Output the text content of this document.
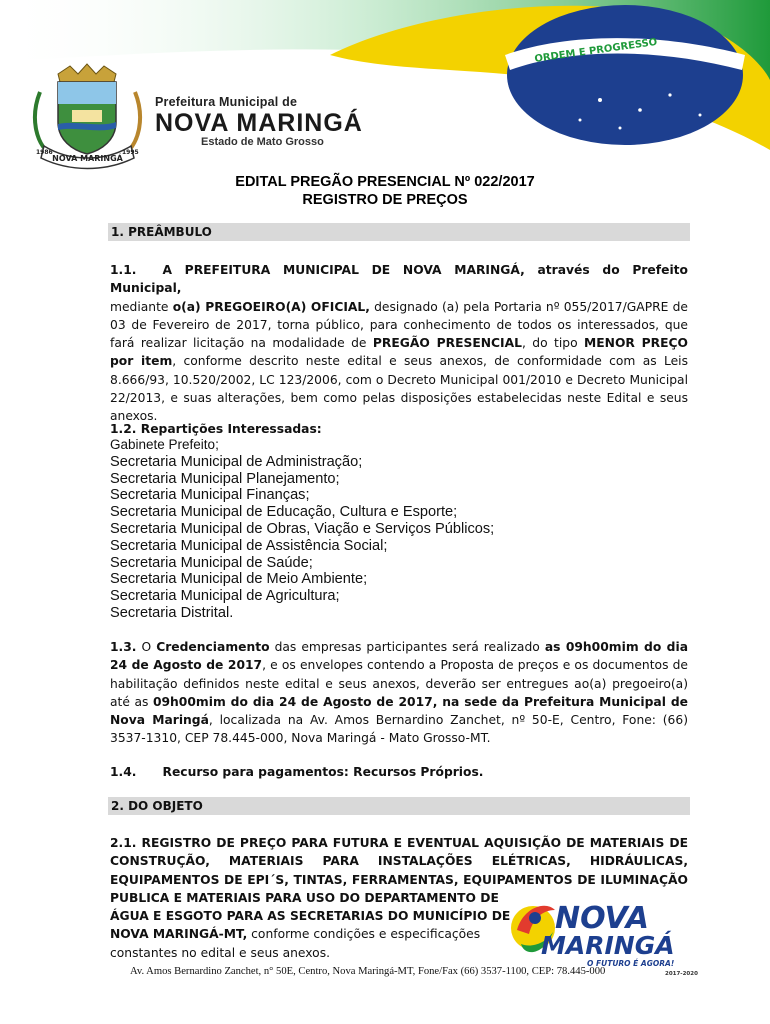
ORDEM E PROGRESSO
NOVA MARINGÁ
1986	1995
Prefeitura Municipal de
NOVA MARINGÁ
Estado de Mato Grosso
EDITAL PREGÃO PRESENCIAL Nº 022/2017
REGISTRO DE PREÇOS
1. PREÂMBULO
1.1. A PREFEITURA MUNICIPAL DE NOVA MARINGÁ, através do Prefeito Municipal,
mediante o(a) PREGOEIRO(A) OFICIAL, designado (a) pela Portaria nº 055/2017/GAPRE de 03 de Fevereiro de 2017, torna público, para conhecimento de todos os interessados, que fará realizar licitação na modalidade de PREGÃO PRESENCIAL, do tipo MENOR PREÇO por item, conforme descrito neste edital e seus anexos, de conformidade com as Leis 8.666/93, 10.520/2002, LC 123/2006, com o Decreto Municipal 001/2010 e Decreto Municipal 22/2013, e suas alterações, bem como pelas disposições estabelecidas neste Edital e seus anexos.
1.2. Repartições Interessadas:
Gabinete Prefeito;
Secretaria Municipal de Administração;
Secretaria Municipal Planejamento;
Secretaria Municipal Finanças;
Secretaria Municipal de Educação, Cultura e Esporte;
Secretaria Municipal de Obras, Viação e Serviços Públicos;
Secretaria Municipal de Assistência Social;
Secretaria Municipal de Saúde;
Secretaria Municipal de Meio Ambiente;
Secretaria Municipal de Agricultura;
Secretaria Distrital.
1.3. O Credenciamento das empresas participantes será realizado as 09h00mim do dia 24 de Agosto de 2017, e os envelopes contendo a Proposta de preços e os documentos de habilitação definidos neste edital e seus anexos, deverão ser entregues ao(a) pregoeiro(a) até as 09h00mim do dia 24 de Agosto de 2017, na sede da Prefeitura Municipal de Nova Maringá, localizada na Av. Amos Bernardino Zanchet, nº 50-E, Centro, Fone: (66) 3537-1310, CEP 78.445-000, Nova Maringá - Mato Grosso-MT.
1.4. Recurso para pagamentos: Recursos Próprios.
2. DO OBJETO
2.1. REGISTRO DE PREÇO PARA FUTURA E EVENTUAL AQUISIÇÃO DE MATERIAIS DE
CONSTRUÇÃO, MATERIAIS PARA INSTALAÇÕES ELÉTRICAS, HIDRÁULICAS,
EQUIPAMENTOS DE EPI´S, TINTAS, FERRAMENTAS, EQUIPAMENTOS DE ILUMINAÇÃO
PUBLICA E MATERIAIS PARA USO DO DEPARTAMENTO DE
ÁGUA E ESGOTO PARA AS SECRETARIAS DO MUNICÍPIO DE
NOVA MARINGÁ-MT, conforme condições e especificações
constantes no edital e seus anexos.
NOVA
MARINGÁ
O FUTURO É AGORA!
2017-2020
Av. Amos Bernardino Zanchet, n° 50E, Centro, Nova Maringá-MT, Fone/Fax (66) 3537-1100, CEP: 78.445-000
